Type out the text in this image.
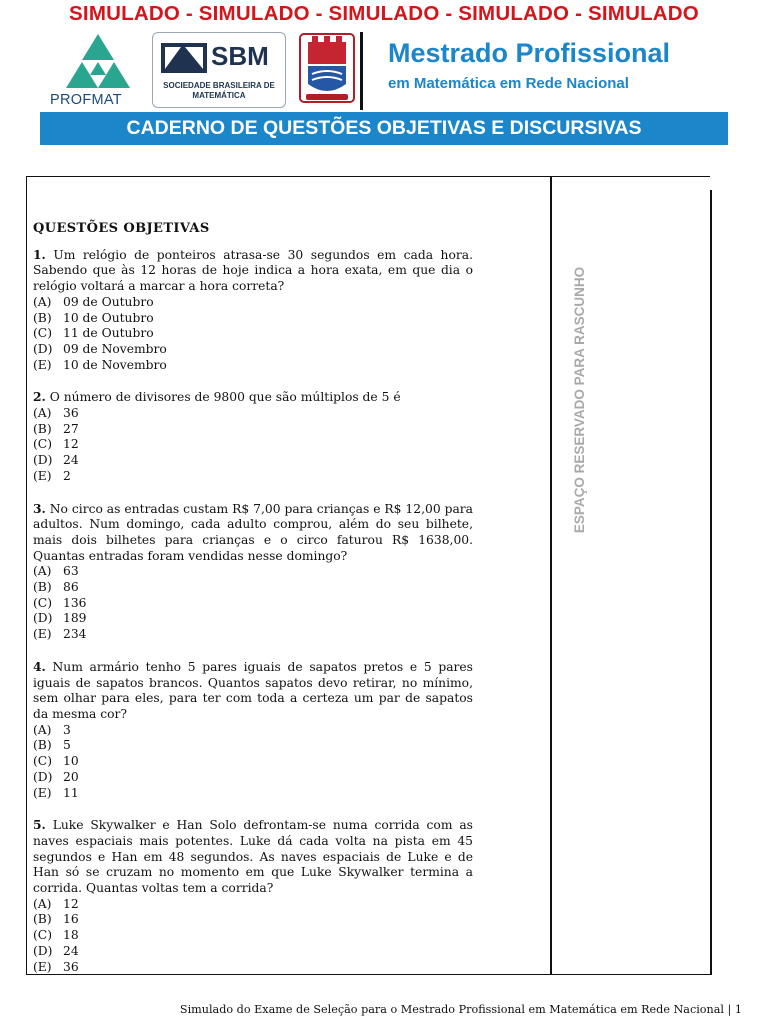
SIMULADO - SIMULADO - SIMULADO - SIMULADO - SIMULADO
PROFMAT
SBM
SOCIEDADE BRASILEIRA DE MATEMÁTICA
Mestrado Profissional
em Matemática em Rede Nacional
CADERNO DE QUESTÕES OBJETIVAS E DISCURSIVAS
ESPAÇO RESERVADO PARA RASCUNHO
QUESTÕES OBJETIVAS
1. Um relógio de ponteiros atrasa-se 30 segundos em cada hora. Sabendo que às 12 horas de hoje indica a hora exata, em que dia o relógio voltará a marcar a hora correta?
(A) 09 de Outubro
(B) 10 de Outubro
(C) 11 de Outubro
(D) 09 de Novembro
(E) 10 de Novembro
2. O número de divisores de 9800 que são múltiplos de 5 é
(A) 36
(B) 27
(C) 12
(D) 24
(E) 2
3. No circo as entradas custam R$ 7,00 para crianças e R$ 12,00 para adultos. Num domingo, cada adulto comprou, além do seu bilhete, mais dois bilhetes para crianças e o circo faturou R$ 1638,00. Quantas entradas foram vendidas nesse domingo?
(A) 63
(B) 86
(C) 136
(D) 189
(E) 234
4. Num armário tenho 5 pares iguais de sapatos pretos e 5 pares iguais de sapatos brancos. Quantos sapatos devo retirar, no mínimo, sem olhar para eles, para ter com toda a certeza um par de sapatos da mesma cor?
(A) 3
(B) 5
(C) 10
(D) 20
(E) 11
5. Luke Skywalker e Han Solo defrontam-se numa corrida com as naves espaciais mais potentes. Luke dá cada volta na pista em 45 segundos e Han em 48 segundos. As naves espaciais de Luke e de Han só se cruzam no momento em que Luke Skywalker termina a corrida. Quantas voltas tem a corrida?
(A) 12
(B) 16
(C) 18
(D) 24
(E) 36
Simulado do Exame de Seleção para o Mestrado Profissional em Matemática em Rede Nacional | 1
